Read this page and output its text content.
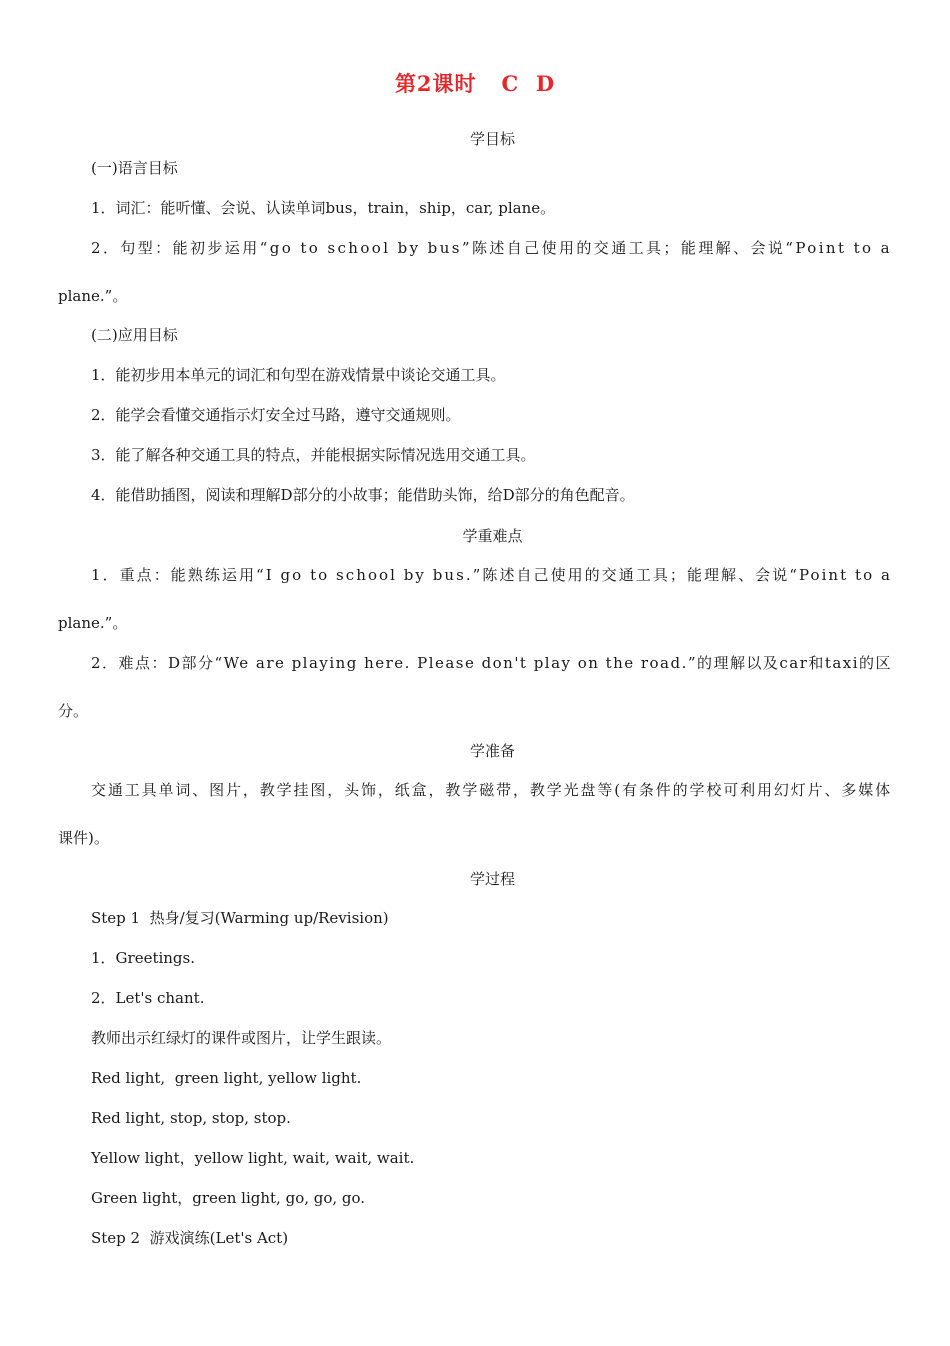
第2课时 C  D
学目标
(一)语言目标
1．词汇：能听懂、会说、认读单词bus，train，ship，car, plane。
2．句型：能初步运用“go to school by bus”陈述自己使用的交通工具；能理解、会说“Point to a
plane.”。
(二)应用目标
1．能初步用本单元的词汇和句型在游戏情景中谈论交通工具。
2．能学会看懂交通指示灯安全过马路，遵守交通规则。
3．能了解各种交通工具的特点，并能根据实际情况选用交通工具。
4．能借助插图，阅读和理解D部分的小故事；能借助头饰，给D部分的角色配音。
学重难点
1．重点：能熟练运用“I go to school by bus.”陈述自己使用的交通工具；能理解、会说“Point to a
plane.”。
2．难点：D部分“We are playing here. Please don't play on the road.”的理解以及car和taxi的区
分。
学准备
交通工具单词、图片，教学挂图，头饰，纸盒，教学磁带，教学光盘等(有条件的学校可利用幻灯片、多媒体
课件)。
学过程
Step 1  热身/复习(Warming up/Revision)
1．Greetings.
2．Let's chant.
教师出示红绿灯的课件或图片，让学生跟读。
Red light,  green light, yellow light.
Red light, stop, stop, stop.
Yellow light，yellow light, wait, wait, wait.
Green light，green light, go, go, go.
Step 2  游戏演练(Let's Act)
